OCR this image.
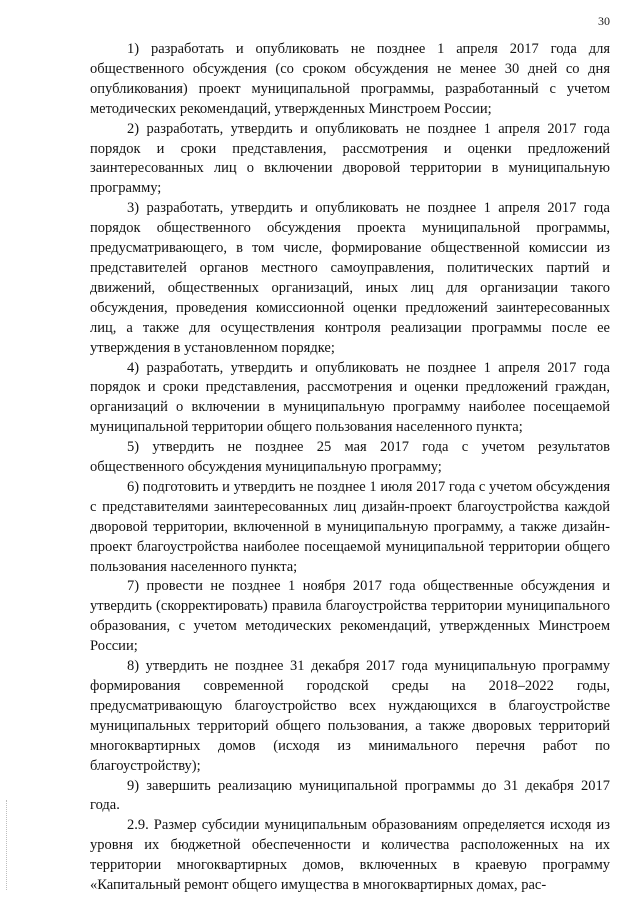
30

1) разработать и опубликовать не позднее 1 апреля 2017 года для общественного обсуждения (со сроком обсуждения не менее 30 дней со дня опубликования) проект муниципальной программы, разработанный с учетом методических рекомендаций, утвержденных Минстроем России;

2) разработать, утвердить и опубликовать не позднее 1 апреля 2017 года порядок и сроки представления, рассмотрения и оценки предложений заинтересованных лиц о включении дворовой территории в муниципальную программу;

3) разработать, утвердить и опубликовать не позднее 1 апреля 2017 года порядок общественного обсуждения проекта муниципальной программы, предусматривающего, в том числе, формирование общественной комиссии из представителей органов местного самоуправления, политических партий и движений, общественных организаций, иных лиц для организации такого обсуждения, проведения комиссионной оценки предложений заинтересованных лиц, а также для осуществления контроля реализации программы после ее утверждения в установленном порядке;

4) разработать, утвердить и опубликовать не позднее 1 апреля 2017 года порядок и сроки представления, рассмотрения и оценки предложений граждан, организаций о включении в муниципальную программу наиболее посещаемой муниципальной территории общего пользования населенного пункта;

5) утвердить не позднее 25 мая 2017 года с учетом результатов общественного обсуждения муниципальную программу;

6) подготовить и утвердить не позднее 1 июля 2017 года с учетом обсуждения с представителями заинтересованных лиц дизайн-проект благоустройства каждой дворовой территории, включенной в муниципальную программу, а также дизайн-проект благоустройства наиболее посещаемой муниципальной территории общего пользования населенного пункта;

7) провести не позднее 1 ноября 2017 года общественные обсуждения и утвердить (скорректировать) правила благоустройства территории муниципального образования, с учетом методических рекомендаций, утвержденных Минстроем России;

8) утвердить не позднее 31 декабря 2017 года муниципальную программу формирования современной городской среды на 2018–2022 годы, предусматривающую благоустройство всех нуждающихся в благоустройстве муниципальных территорий общего пользования, а также дворовых территорий многоквартирных домов (исходя из минимального перечня работ по благоустройству);

9) завершить реализацию муниципальной программы до 31 декабря 2017 года.

2.9. Размер субсидии муниципальным образованиям определяется исходя из уровня их бюджетной обеспеченности и количества расположенных на их территории многоквартирных домов, включенных в краевую программу «Капитальный ремонт общего имущества в многоквартирных домах, рас-
